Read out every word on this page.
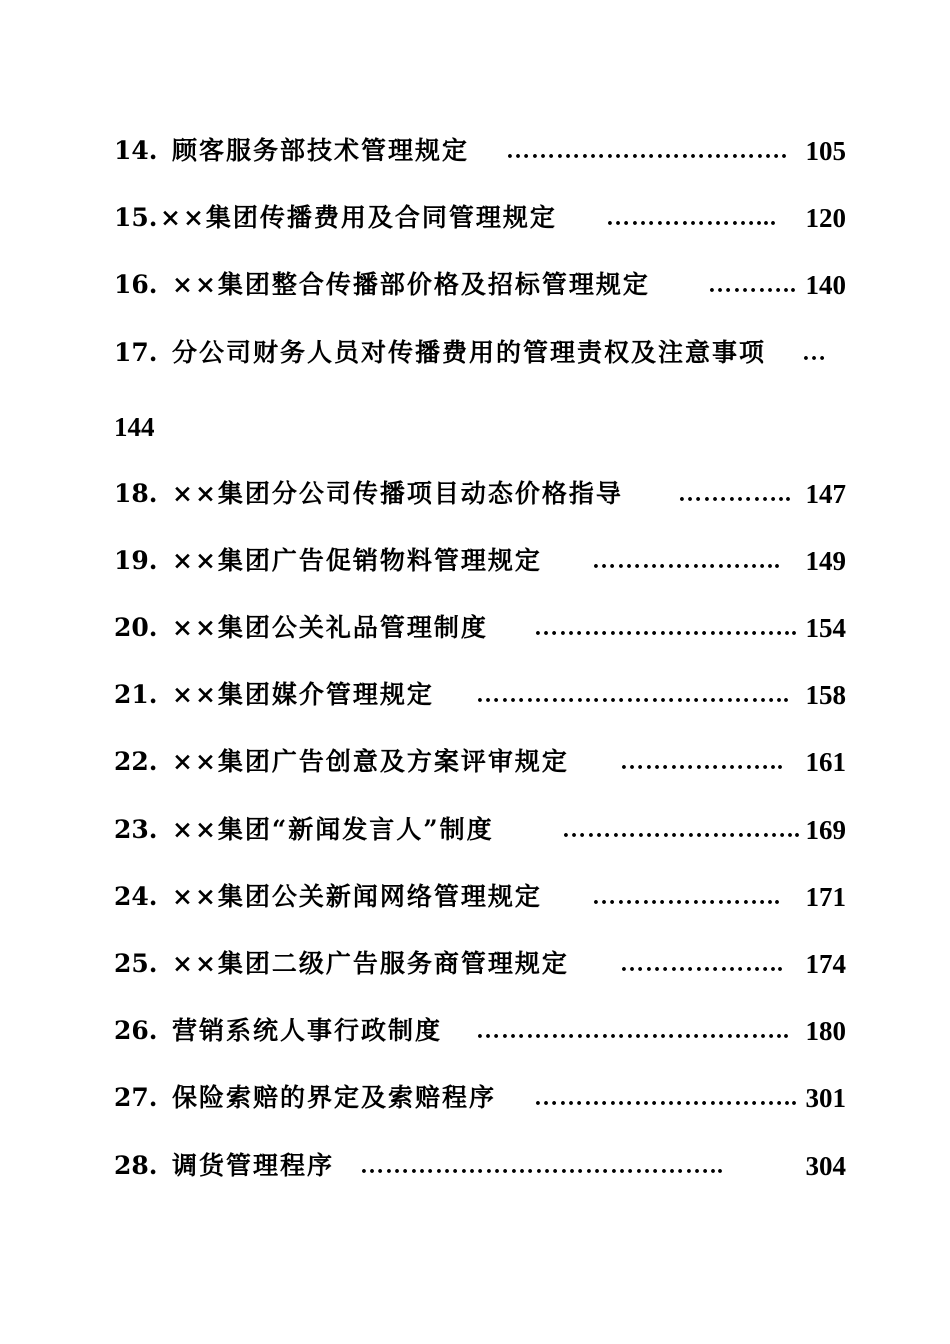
14. 顾客服务部技术管理规定 ……………………………. 105
15. ××集团传播费用及合同管理规定 ………………... 120
16. ××集团整合传播部价格及招标管理规定 ……….. 140
17. 分公司财务人员对传播费用的管理责权及注意事项 …
144
18. ××集团分公司传播项目动态价格指导 ………….. 147
19. ××集团广告促销物料管理规定 ………………….. 149
20. ××集团公关礼品管理制度 ………………………….. 154
21. ××集团媒介管理规定 ……………………………….. 158
22. ××集团广告创意及方案评审规定 ……………….. 161
23. ××集团“新闻发言人”制度	……………………….. 169
24. ××集团公关新闻网络管理规定 ………………….. 171
25. ××集团二级广告服务商管理规定 ……………….. 174
26. 营销系统人事行政制度 ……………………………….. 180
27. 保险索赔的界定及索赔程序 ………………………….. 301
28. 调货管理程序 ……………………………………..	304
